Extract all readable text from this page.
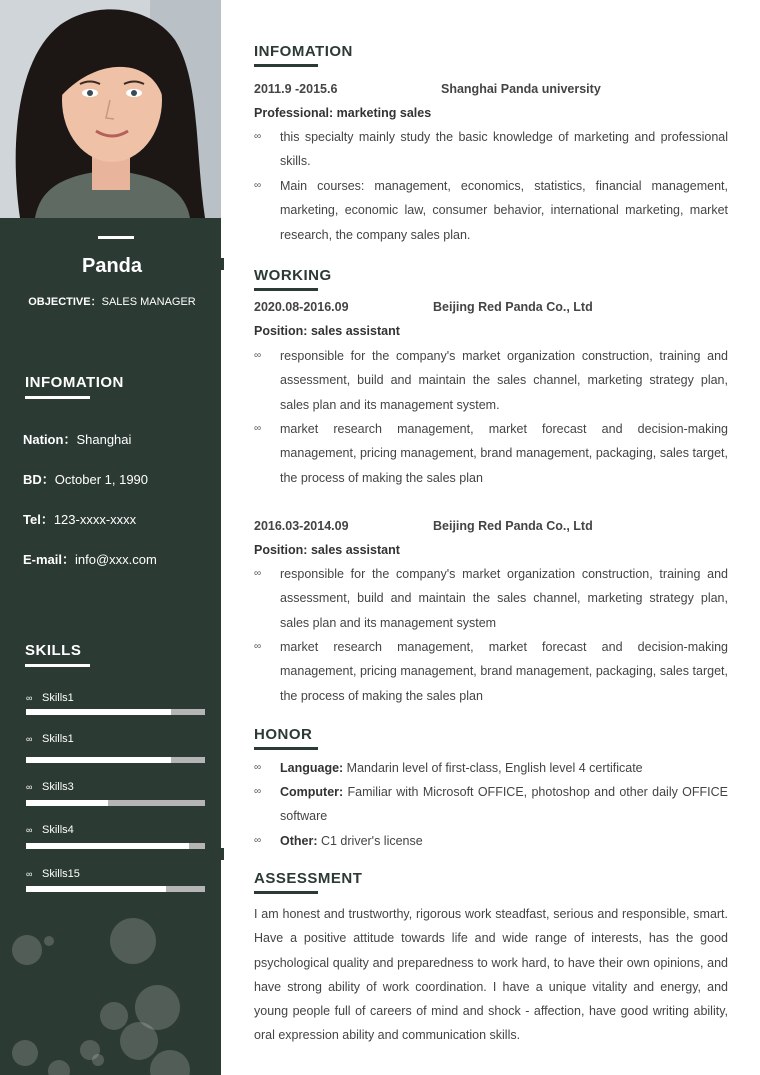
Panda
OBJECTIVE：SALES MANAGER
INFOMATION
Nation：Shanghai
BD：October 1, 1990
Tel：123-xxxx-xxxx
E-mail：info@xxx.com
SKILLS
∞ Skills1
∞ Skills1
∞ Skills3
∞ Skills4
∞ Skills15
INFOMATION
2011.9 -2015.6	Shanghai Panda university
Professional: marketing sales
∞ this specialty mainly study the basic knowledge of marketing and professional skills.
∞ Main courses: management, economics, statistics, financial management, marketing, economic law, consumer behavior, international marketing, market research, the company sales plan.
WORKING
2020.08-2016.09	Beijing Red Panda Co., Ltd
Position: sales assistant
∞ responsible for the company's market organization construction, training and assessment, build and maintain the sales channel, marketing strategy plan, sales plan and its management system.
∞ market research management, market forecast and decision-making management, pricing management, brand management, packaging, sales target, the process of making the sales plan
2016.03-2014.09	Beijing Red Panda Co., Ltd
Position: sales assistant
∞ responsible for the company's market organization construction, training and assessment, build and maintain the sales channel, marketing strategy plan, sales plan and its management system
∞ market research management, market forecast and decision-making management, pricing management, brand management, packaging, sales target, the process of making the sales plan
HONOR
∞ Language: Mandarin level of first-class, English level 4 certificate
∞ Computer: Familiar with Microsoft OFFICE, photoshop and other daily OFFICE software
∞ Other: C1 driver's license
ASSESSMENT
I am honest and trustworthy, rigorous work steadfast, serious and responsible, smart. Have a positive attitude towards life and wide range of interests, has the good psychological quality and preparedness to work hard, to have their own opinions, and have strong ability of work coordination. I have a unique vitality and energy, and young people full of careers of mind and shock - affection, have good writing ability, oral expression ability and communication skills.
